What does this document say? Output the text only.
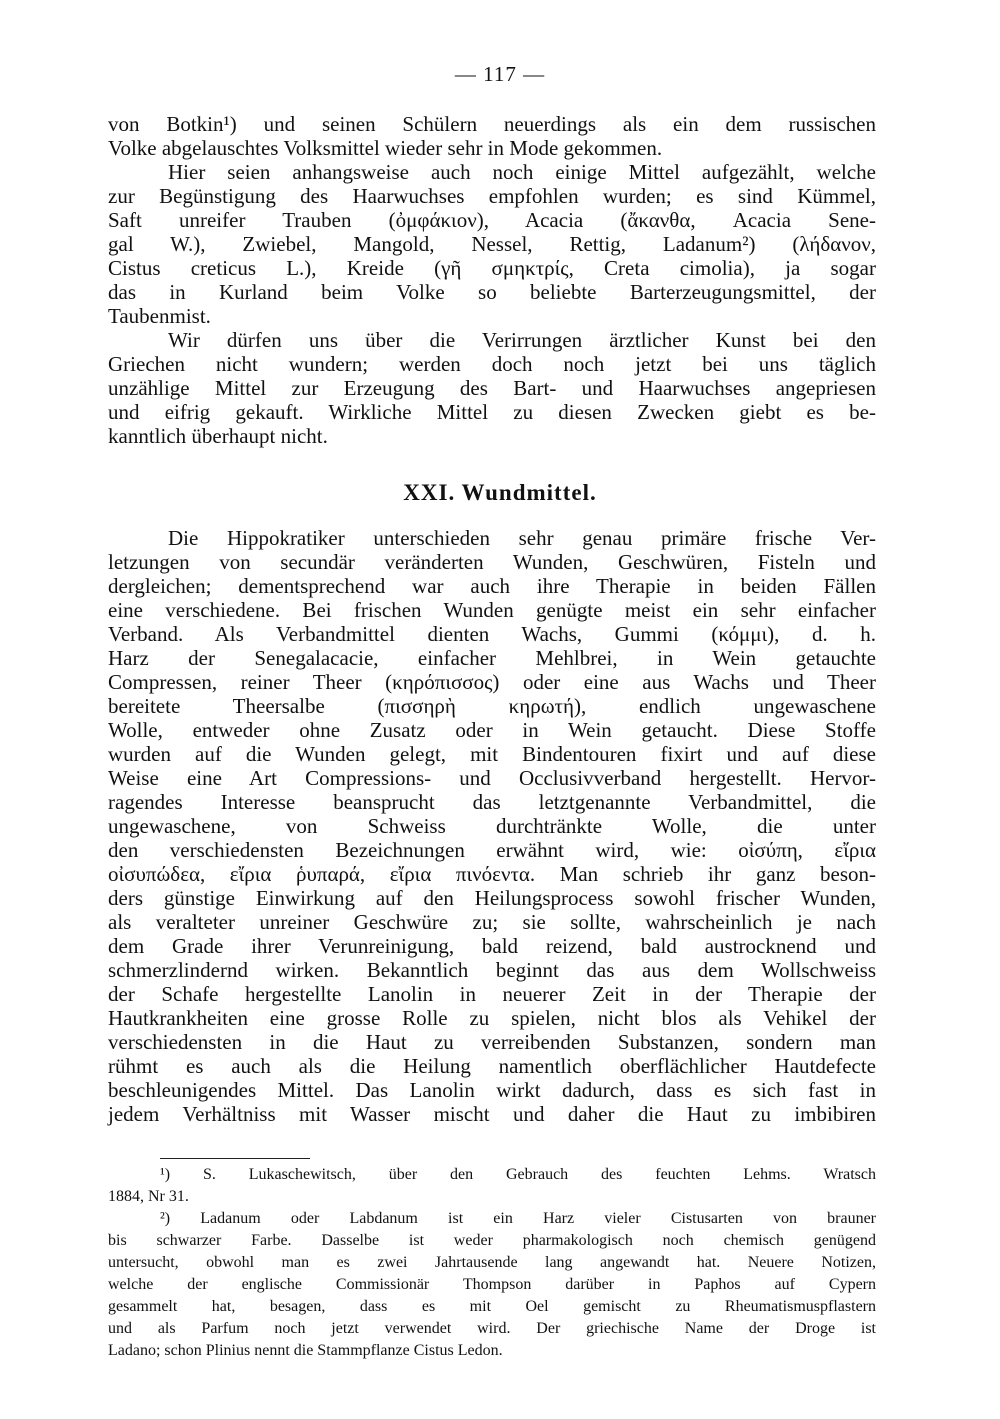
— 117 —
von Botkin¹) und seinen Schülern neuerdings als ein dem russischen
Volke abgelauschtes Volksmittel wieder sehr in Mode gekommen.
Hier seien anhangsweise auch noch einige Mittel aufgezählt, welche
zur Begünstigung des Haarwuchses empfohlen wurden; es sind Kümmel,
Saft unreifer Trauben (ὀμφάκιον), Acacia (ἄκανθα, Acacia Sene-
gal W.), Zwiebel, Mangold, Nessel, Rettig, Ladanum²) (λήδανον,
Cistus creticus L.), Kreide (γῆ σμηκτρίς, Creta cimolia), ja sogar
das in Kurland beim Volke so beliebte Barterzeugungsmittel, der
Taubenmist.
Wir dürfen uns über die Verirrungen ärztlicher Kunst bei den
Griechen nicht wundern; werden doch noch jetzt bei uns täglich
unzählige Mittel zur Erzeugung des Bart- und Haarwuchses angepriesen
und eifrig gekauft. Wirkliche Mittel zu diesen Zwecken giebt es be-
kanntlich überhaupt nicht.
XXI. Wundmittel.
Die Hippokratiker unterschieden sehr genau primäre frische Ver-
letzungen von secundär veränderten Wunden, Geschwüren, Fisteln und
dergleichen; dementsprechend war auch ihre Therapie in beiden Fällen
eine verschiedene. Bei frischen Wunden genügte meist ein sehr einfacher
Verband. Als Verbandmittel dienten Wachs, Gummi (κόμμι), d. h.
Harz der Senegalacacie, einfacher Mehlbrei, in Wein getauchte
Compressen, reiner Theer (κηρόπισσος) oder eine aus Wachs und Theer
bereitete Theersalbe (πισσηρὴ κηρωτή), endlich ungewaschene
Wolle, entweder ohne Zusatz oder in Wein getaucht. Diese Stoffe
wurden auf die Wunden gelegt, mit Bindentouren fixirt und auf diese
Weise eine Art Compressions- und Occlusivverband hergestellt. Hervor-
ragendes Interesse beansprucht das letztgenannte Verbandmittel, die
ungewaschene, von Schweiss durchtränkte Wolle, die unter
den verschiedensten Bezeichnungen erwähnt wird, wie: οἰσύπη, εἴρια
οἰσυπώδεα, εἴρια ῥυπαρά, εἴρια πινόεντα. Man schrieb ihr ganz beson-
ders günstige Einwirkung auf den Heilungsprocess sowohl frischer Wunden,
als veralteter unreiner Geschwüre zu; sie sollte, wahrscheinlich je nach
dem Grade ihrer Verunreinigung, bald reizend, bald austrocknend und
schmerzlindernd wirken. Bekanntlich beginnt das aus dem Wollschweiss
der Schafe hergestellte Lanolin in neuerer Zeit in der Therapie der
Hautkrankheiten eine grosse Rolle zu spielen, nicht blos als Vehikel der
verschiedensten in die Haut zu verreibenden Substanzen, sondern man
rühmt es auch als die Heilung namentlich oberflächlicher Hautdefecte
beschleunigendes Mittel. Das Lanolin wirkt dadurch, dass es sich fast in
jedem Verhältniss mit Wasser mischt und daher die Haut zu imbibiren
¹) S. Lukaschewitsch, über den Gebrauch des feuchten Lehms. Wratsch
1884, Nr 31.
²) Ladanum oder Labdanum ist ein Harz vieler Cistusarten von brauner
bis schwarzer Farbe. Dasselbe ist weder pharmakologisch noch chemisch genügend
untersucht, obwohl man es zwei Jahrtausende lang angewandt hat. Neuere Notizen,
welche der englische Commissionär Thompson darüber in Paphos auf Cypern
gesammelt hat, besagen, dass es mit Oel gemischt zu Rheumatismuspflastern
und als Parfum noch jetzt verwendet wird. Der griechische Name der Droge ist
Ladano; schon Plinius nennt die Stammpflanze Cistus Ledon.
